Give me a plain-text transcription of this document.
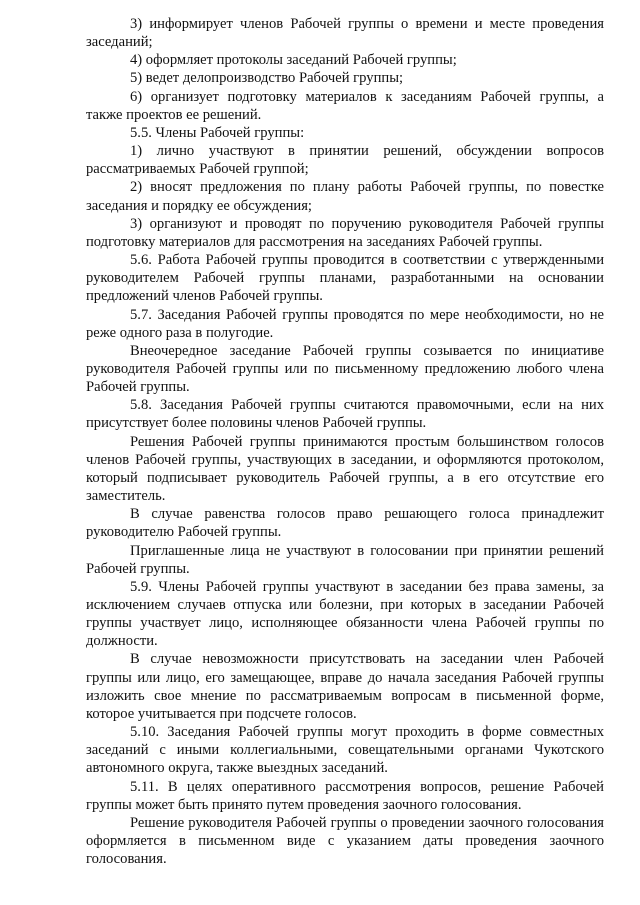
3) информирует членов Рабочей группы о времени и месте проведения заседаний;

4) оформляет протоколы заседаний Рабочей группы;

5) ведет делопроизводство Рабочей группы;

6) организует подготовку материалов к заседаниям Рабочей группы, а также проектов ее решений.

5.5. Члены Рабочей группы:

1) лично участвуют в принятии решений, обсуждении вопросов рассматриваемых Рабочей группой;

2) вносят предложения по плану работы Рабочей группы, по повестке заседания и порядку ее обсуждения;

3) организуют и проводят по поручению руководителя Рабочей группы подготовку материалов для рассмотрения на заседаниях Рабочей группы.

5.6. Работа Рабочей группы проводится в соответствии с утвержденными руководителем Рабочей группы планами, разработанными на основании предложений членов Рабочей группы.

5.7. Заседания Рабочей группы проводятся по мере необходимости, но не реже одного раза в полугодие.

Внеочередное заседание Рабочей группы созывается по инициативе руководителя Рабочей группы или по письменному предложению любого члена Рабочей группы.

5.8. Заседания Рабочей группы считаются правомочными, если на них присутствует более половины членов Рабочей группы.

Решения Рабочей группы принимаются простым большинством голосов членов Рабочей группы, участвующих в заседании, и оформляются протоколом, который подписывает руководитель Рабочей группы, а в его отсутствие его заместитель.

В случае равенства голосов право решающего голоса принадлежит руководителю Рабочей группы.

Приглашенные лица не участвуют в голосовании при принятии решений Рабочей группы.

5.9. Члены Рабочей группы участвуют в заседании без права замены, за исключением случаев отпуска или болезни, при которых в заседании Рабочей группы участвует лицо, исполняющее обязанности члена Рабочей группы по должности.

В случае невозможности присутствовать на заседании член Рабочей группы или лицо, его замещающее, вправе до начала заседания Рабочей группы изложить свое мнение по рассматриваемым вопросам в письменной форме, которое учитывается при подсчете голосов.

5.10. Заседания Рабочей группы могут проходить в форме совместных заседаний с иными коллегиальными, совещательными органами Чукотского автономного округа, также выездных заседаний.

5.11. В целях оперативного рассмотрения вопросов, решение Рабочей группы может быть принято путем проведения заочного голосования.

Решение руководителя Рабочей группы о проведении заочного голосования оформляется в письменном виде с указанием даты проведения заочного голосования.
